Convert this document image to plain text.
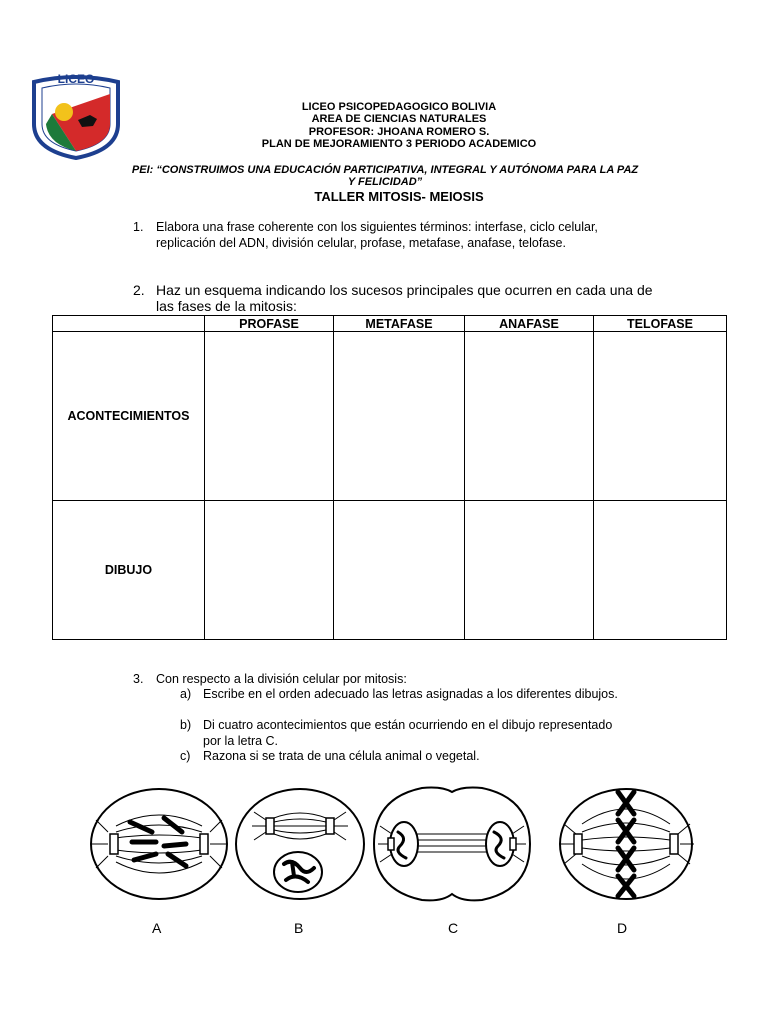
LICEO
LICEO PSICOPEDAGOGICO BOLIVIA
AREA DE CIENCIAS NATURALES
PROFESOR: JHOANA ROMERO S.
PLAN DE MEJORAMIENTO 3 PERIODO ACADEMICO
PEI: “CONSTRUIMOS UNA EDUCACIÓN PARTICIPATIVA, INTEGRAL Y AUTÓNOMA PARA LA PAZ
Y FELICIDAD”
TALLER MITOSIS- MEIOSIS
1. Elabora una frase coherente con los siguientes términos: interfase, ciclo celular, replicación del ADN, división celular, profase, metafase, anafase, telofase.
2. Haz un esquema indicando los sucesos principales que ocurren en cada una de las fases de la mitosis:
	PROFASE	METAFASE	ANAFASE	TELOFASE
ACONTECIMIENTOS				
DIBUJO				
3. Con respecto a la división celular por mitosis:
a) Escribe en el orden adecuado las letras asignadas a los diferentes dibujos.
b) Di cuatro acontecimientos que están ocurriendo en el dibujo representado por la letra C.
c) Razona si se trata de una célula animal o vegetal.
A	B	C	D
